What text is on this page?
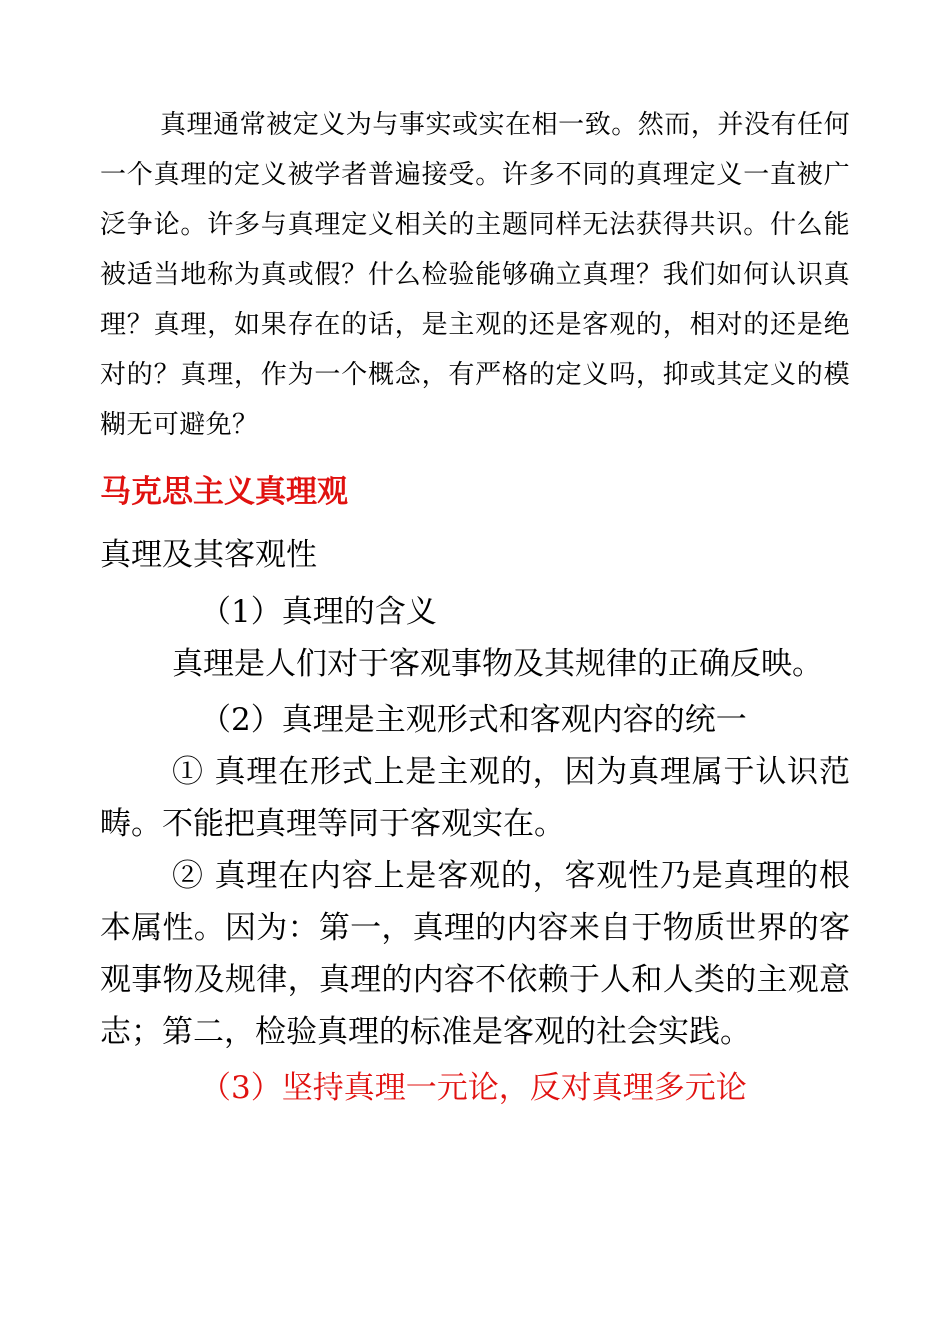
真理通常被定义为与事实或实在相一致。然而，并没有任何一个真理的定义被学者普遍接受。许多不同的真理定义一直被广泛争论。许多与真理定义相关的主题同样无法获得共识。什么能被适当地称为真或假？什么检验能够确立真理？我们如何认识真理？真理，如果存在的话，是主观的还是客观的，相对的还是绝对的？真理，作为一个概念，有严格的定义吗，抑或其定义的模糊无可避免？

马克思主义真理观
真理及其客观性
（1）真理的含义

真理是人们对于客观事物及其规律的正确反映。

（2）真理是主观形式和客观内容的统一

① 真理在形式上是主观的，因为真理属于认识范畴。不能把真理等同于客观实在。

② 真理在内容上是客观的，客观性乃是真理的根本属性。因为：第一，真理的内容来自于物质世界的客观事物及规律，真理的内容不依赖于人和人类的主观意志；第二，检验真理的标准是客观的社会实践。

（3）坚持真理一元论，反对真理多元论
